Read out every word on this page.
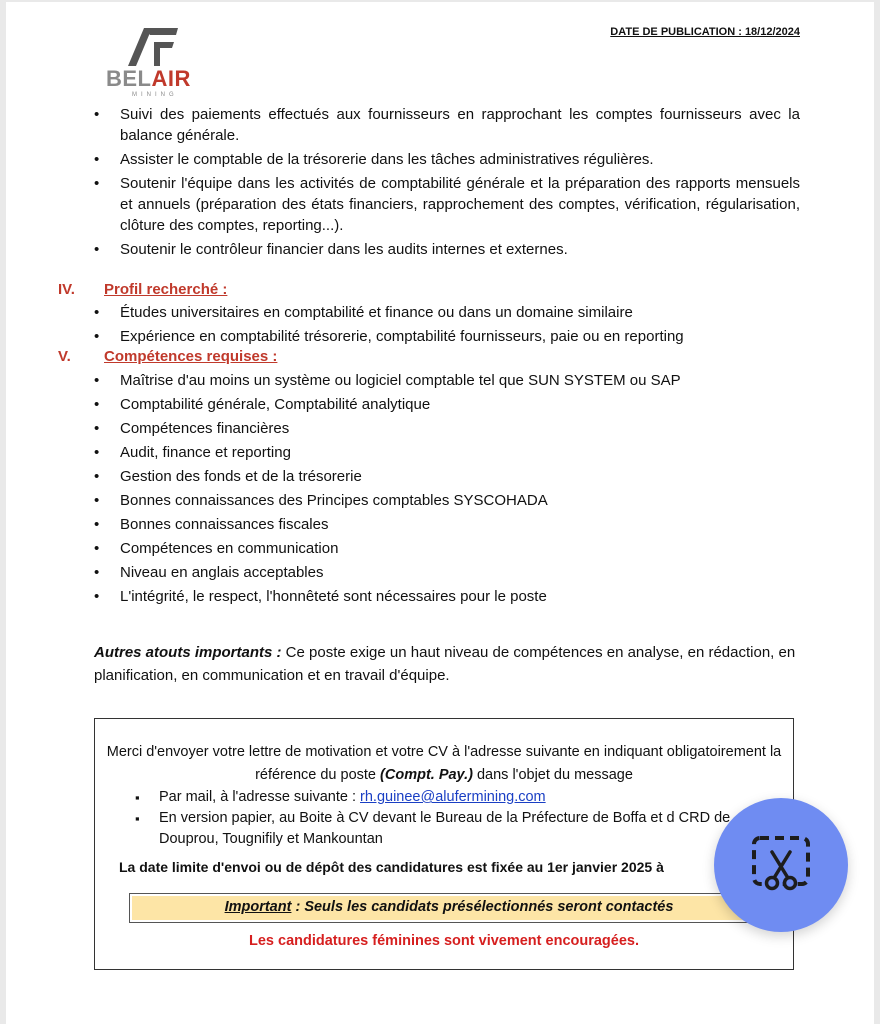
DATE DE PUBLICATION : 18/12/2024
BELAIR
MINING
• Suivi des paiements effectués aux fournisseurs en rapprochant les comptes fournisseurs avec la balance générale.
• Assister le comptable de la trésorerie dans les tâches administratives régulières.
• Soutenir l'équipe dans les activités de comptabilité générale et la préparation des rapports mensuels et annuels (préparation des états financiers, rapprochement des comptes, vérification, régularisation, clôture des comptes, reporting...).
• Soutenir le contrôleur financier dans les audits internes et externes.
IV. Profil recherché :
• Études universitaires en comptabilité et finance ou dans un domaine similaire
• Expérience en comptabilité trésorerie, comptabilité fournisseurs, paie ou en reporting
V. Compétences requises :
• Maîtrise d'au moins un système ou logiciel comptable tel que SUN SYSTEM ou SAP
• Comptabilité générale, Comptabilité analytique
• Compétences financières
• Audit, finance et reporting
• Gestion des fonds et de la trésorerie
• Bonnes connaissances des Principes comptables SYSCOHADA
• Bonnes connaissances fiscales
• Compétences en communication
• Niveau en anglais acceptables
• L'intégrité, le respect, l'honnêteté sont nécessaires pour le poste
Autres atouts importants : Ce poste exige un haut niveau de compétences en analyse, en rédaction, en planification, en communication et en travail d'équipe.
Merci d'envoyer votre lettre de motivation et votre CV à l'adresse suivante en indiquant obligatoirement la référence du poste (Compt. Pay.) dans l'objet du message
▪ Par mail, à l'adresse suivante : rh.guinee@alufermining.com
▪ En version papier, au Boite à CV devant le Bureau de la Préfecture de Boffa et d CRD de Douprou, Tougnifily et Mankountan
La date limite d'envoi ou de dépôt des candidatures est fixée au 1er janvier 2025 à
Important : Seuls les candidats présélectionnés seront contactés
Les candidatures féminines sont vivement encouragées.
